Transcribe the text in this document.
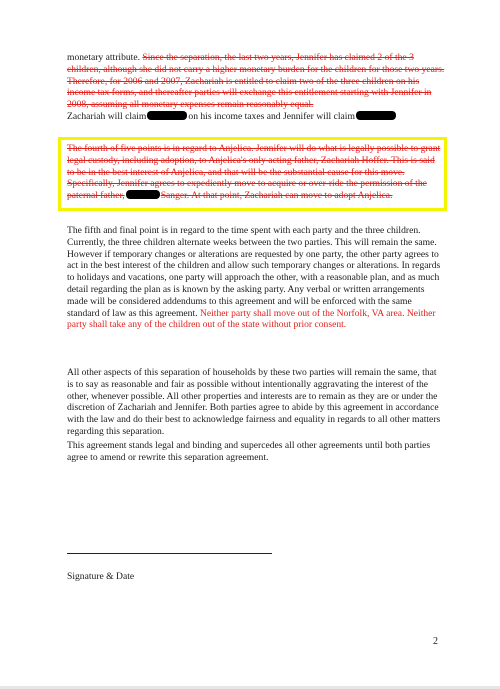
monetary attribute. Since the separation, the last two years, Jennifer has claimed 2 of the 3 children, although she did not carry a higher monetary burden for the children for those two years. Therefore, for 2006 and 2007, Zachariah is entitled to claim two of the three children on his income tax forms, and thereafter parties will exchange this entitlement starting with Jennifer in 2008, assuming all monetary expenses remain reasonably equal.
Zachariah will claim	on his income taxes and Jennifer will claim

The fourth of five points is in regard to Anjelica. Jennifer will do what is legally possible to grant legal custody, including adoption, to Anjelica's only acting father, Zachariah Hoffer. This is said to be in the best interest of Anjelica, and that will be the substantial cause for this move. Specifically, Jennifer agrees to expediently move to acquire or over-ride the permission of the paternal father,	Sanger. At that point, Zachariah can move to adopt Anjelica.

The fifth and final point is in regard to the time spent with each party and the three children. Currently, the three children alternate weeks between the two parties. This will remain the same. However if temporary changes or alterations are requested by one party, the other party agrees to act in the best interest of the children and allow such temporary changes or alterations. In regards to holidays and vacations, one party will approach the other, with a reasonable plan, and as much detail regarding the plan as is known by the asking party. Any verbal or written arrangements made will be considered addendums to this agreement and will be enforced with the same standard of law as this agreement. Neither party shall move out of the Norfolk, VA area. Neither party shall take any of the children out of the state without prior consent.

All other aspects of this separation of households by these two parties will remain the same, that is to say as reasonable and fair as possible without intentionally aggravating the interest of the other, whenever possible. All other properties and interests are to remain as they are or under the discretion of Zachariah and Jennifer. Both parties agree to abide by this agreement in accordance with the law and do their best to acknowledge fairness and equality in regards to all other matters regarding this separation.

This agreement stands legal and binding and supercedes all other agreements until both parties agree to amend or rewrite this separation agreement.

Signature & Date
2
